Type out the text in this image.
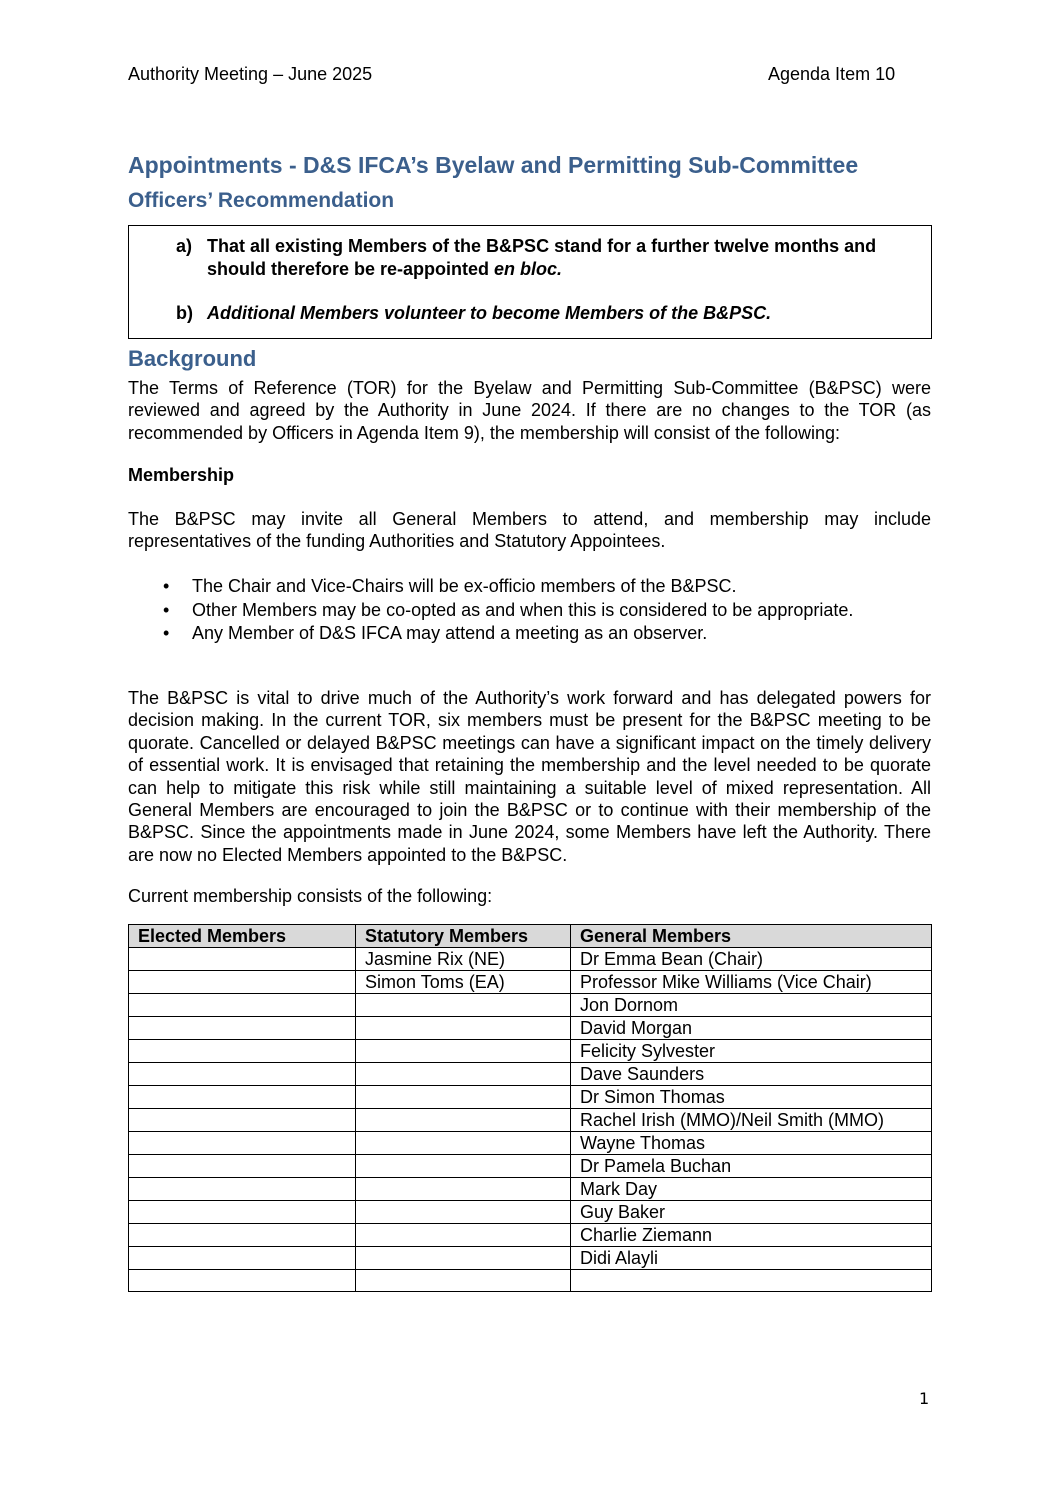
Authority Meeting – June 2025	Agenda Item 10
Appointments - D&S IFCA’s Byelaw and Permitting Sub-Committee
Officers’ Recommendation
a) That all existing Members of the B&PSC stand for a further twelve months and should therefore be re-appointed en bloc.
b) Additional Members volunteer to become Members of the B&PSC.
Background
The Terms of Reference (TOR) for the Byelaw and Permitting Sub-Committee (B&PSC) were reviewed and agreed by the Authority in June 2024. If there are no changes to the TOR (as recommended by Officers in Agenda Item 9), the membership will consist of the following:
Membership
The B&PSC may invite all General Members to attend, and membership may include representatives of the funding Authorities and Statutory Appointees.
• The Chair and Vice-Chairs will be ex-officio members of the B&PSC.
• Other Members may be co-opted as and when this is considered to be appropriate.
• Any Member of D&S IFCA may attend a meeting as an observer.
The B&PSC is vital to drive much of the Authority’s work forward and has delegated powers for decision making. In the current TOR, six members must be present for the B&PSC meeting to be quorate. Cancelled or delayed B&PSC meetings can have a significant impact on the timely delivery of essential work. It is envisaged that retaining the membership and the level needed to be quorate can help to mitigate this risk while still maintaining a suitable level of mixed representation. All General Members are encouraged to join the B&PSC or to continue with their membership of the B&PSC. Since the appointments made in June 2024, some Members have left the Authority. There are now no Elected Members appointed to the B&PSC.
Current membership consists of the following:
Elected Members	Statutory Members	General Members
	Jasmine Rix (NE)	Dr Emma Bean (Chair)
	Simon Toms (EA)	Professor Mike Williams (Vice Chair)
		Jon Dornom
		David Morgan
		Felicity Sylvester
		Dave Saunders
		Dr Simon Thomas
		Rachel Irish (MMO)/Neil Smith (MMO)
		Wayne Thomas
		Dr Pamela Buchan
		Mark Day
		Guy Baker
		Charlie Ziemann
		Didi Alayli

1
